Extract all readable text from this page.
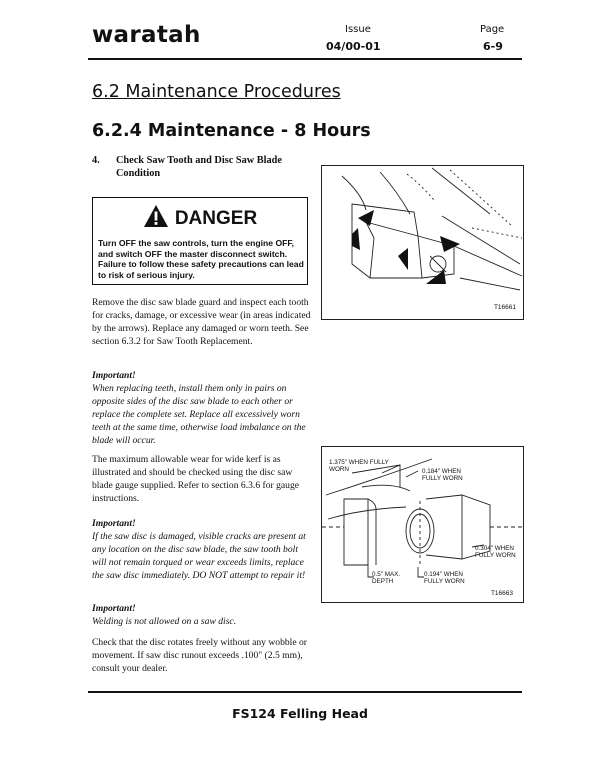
waratah	Issue
04/00-01
Page
6-9
6.2 Maintenance Procedures
6.2.4 Maintenance - 8 Hours
4. Check Saw Tooth and Disc Saw Blade Condition
DANGER
Turn OFF the saw controls, turn the engine OFF, and switch OFF the master disconnect switch. Failure to follow these safety precautions can lead to risk of serious injury.
Remove the disc saw blade guard and inspect each tooth for cracks, damage, or excessive wear (in areas indicated by the arrows). Replace any damaged or worn teeth. See section 6.3.2 for Saw Tooth Replacement.
Important!
When replacing teeth, install them only in pairs on opposite sides of the disc saw blade to each other or replace the complete set. Replace all excessively worn teeth at the same time, otherwise load imbalance on the blade will occur.
The maximum allowable wear for wide kerf is as illustrated and should be checked using the disc saw blade gauge supplied. Refer to section 6.3.6 for gauge instructions.
Important!
If the saw disc is damaged, visible cracks are present at any location on the disc saw blade, the saw tooth bolt will not remain torqued or wear exceeds limits, replace the saw disc immediately. DO NOT attempt to repair it!
Important!
Welding is not allowed on a saw disc.
Check that the disc rotates freely without any wobble or movement. If saw disc runout exceeds .100" (2.5 mm), consult your dealer.
T16661
1.375" WHEN FULLY WORN	0.184" WHEN FULLY WORN
0.304" WHEN FULLY WORN
0.5" MAX. DEPTH
0.194" WHEN FULLY WORN
T16663
FS124 Felling Head
